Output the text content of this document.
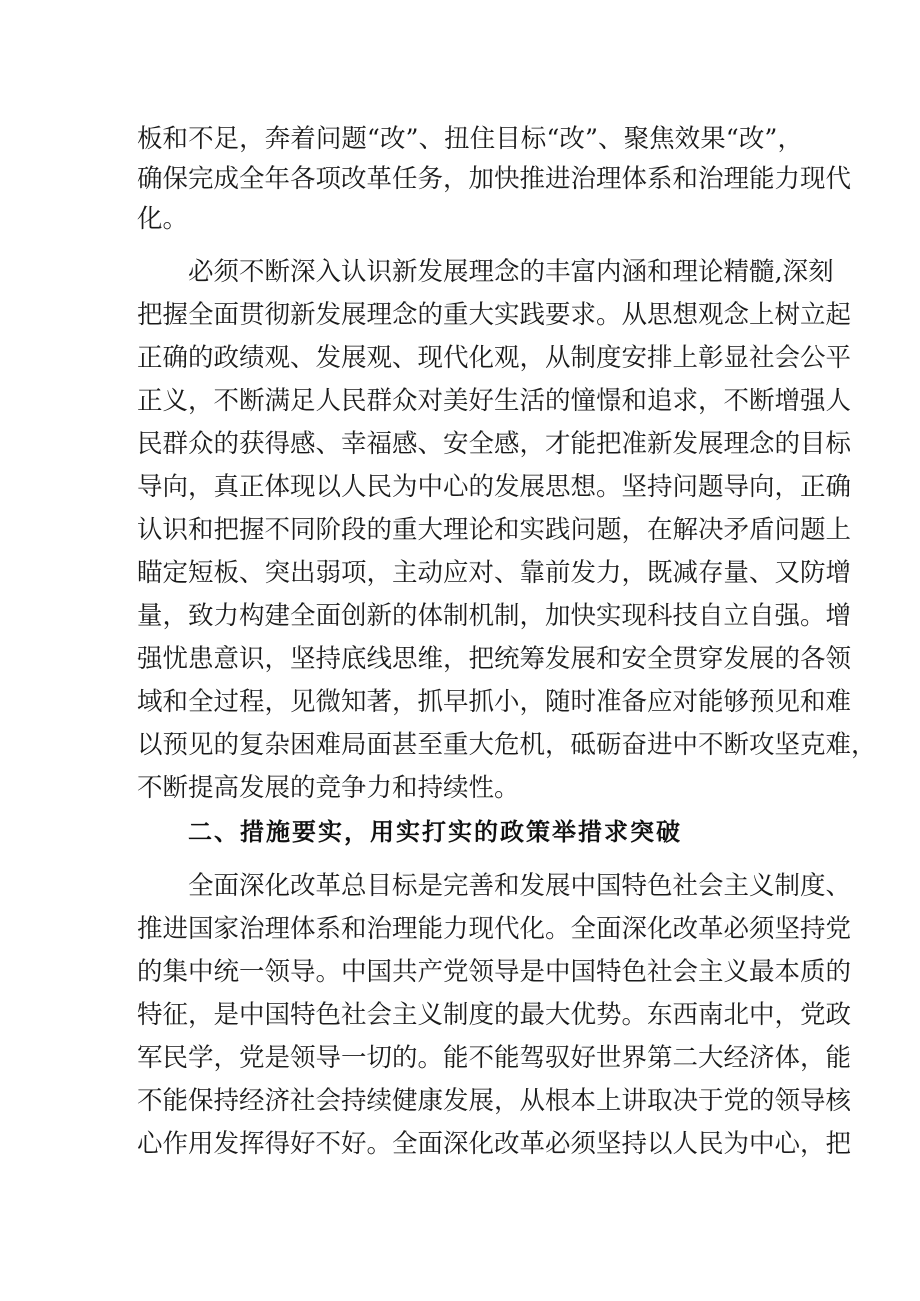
板和不足，奔着问题“改”、扭住目标“改”、聚焦效果“改”，
确保完成全年各项改革任务，加快推进治理体系和治理能力现代
化。
必须不断深入认识新发展理念的丰富内涵和理论精髓,深刻
把握全面贯彻新发展理念的重大实践要求。从思想观念上树立起
正确的政绩观、发展观、现代化观，从制度安排上彰显社会公平
正义，不断满足人民群众对美好生活的憧憬和追求，不断增强人
民群众的获得感、幸福感、安全感，才能把准新发展理念的目标
导向，真正体现以人民为中心的发展思想。坚持问题导向，正确
认识和把握不同阶段的重大理论和实践问题，在解决矛盾问题上
瞄定短板、突出弱项，主动应对、靠前发力，既减存量、又防增
量，致力构建全面创新的体制机制，加快实现科技自立自强。增
强忧患意识，坚持底线思维，把统筹发展和安全贯穿发展的各领
域和全过程，见微知著，抓早抓小，随时准备应对能够预见和难
以预见的复杂困难局面甚至重大危机，砥砺奋进中不断攻坚克难，
不断提高发展的竞争力和持续性。
二、措施要实，用实打实的政策举措求突破
全面深化改革总目标是完善和发展中国特色社会主义制度、
推进国家治理体系和治理能力现代化。全面深化改革必须坚持党
的集中统一领导。中国共产党领导是中国特色社会主义最本质的
特征，是中国特色社会主义制度的最大优势。东西南北中，党政
军民学，党是领导一切的。能不能驾驭好世界第二大经济体，能
不能保持经济社会持续健康发展，从根本上讲取决于党的领导核
心作用发挥得好不好。全面深化改革必须坚持以人民为中心，把
